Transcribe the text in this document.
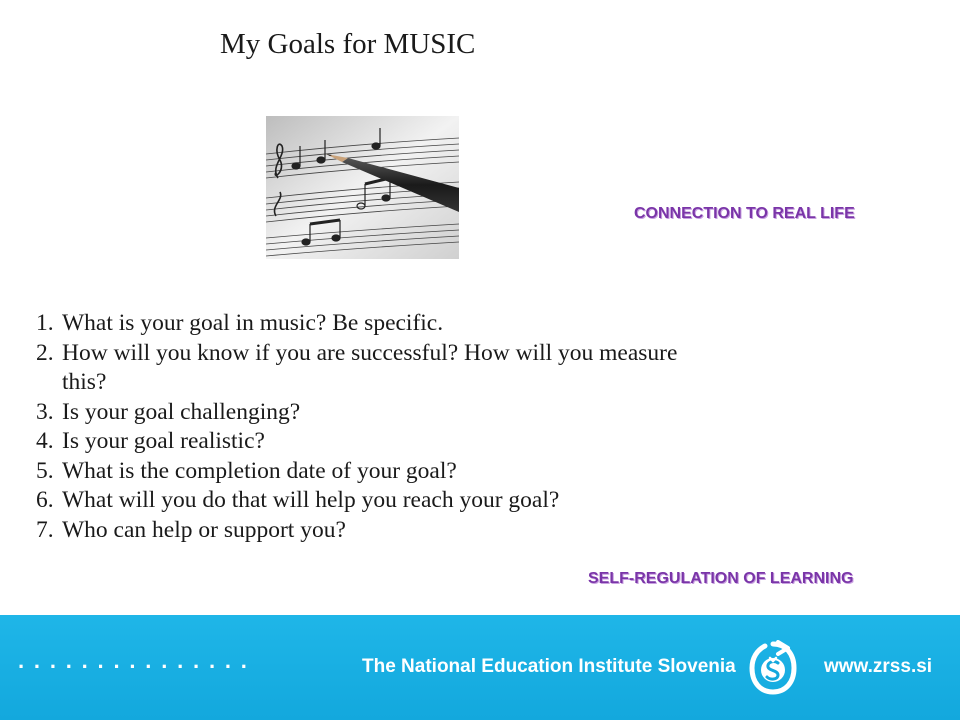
My Goals for MUSIC
CONNECTION TO REAL LIFE
1. What is your goal in music? Be specific.
2. How will you know if you are successful? How will you measure this?
3. Is your goal challenging?
4. Is your goal realistic?
5. What is the completion date of your goal?
6. What will you do that will help you reach your goal?
7. Who can help or support you?
SELF-REGULATION OF LEARNING
...............	The National Education Institute Slovenia	www.zrss.si
